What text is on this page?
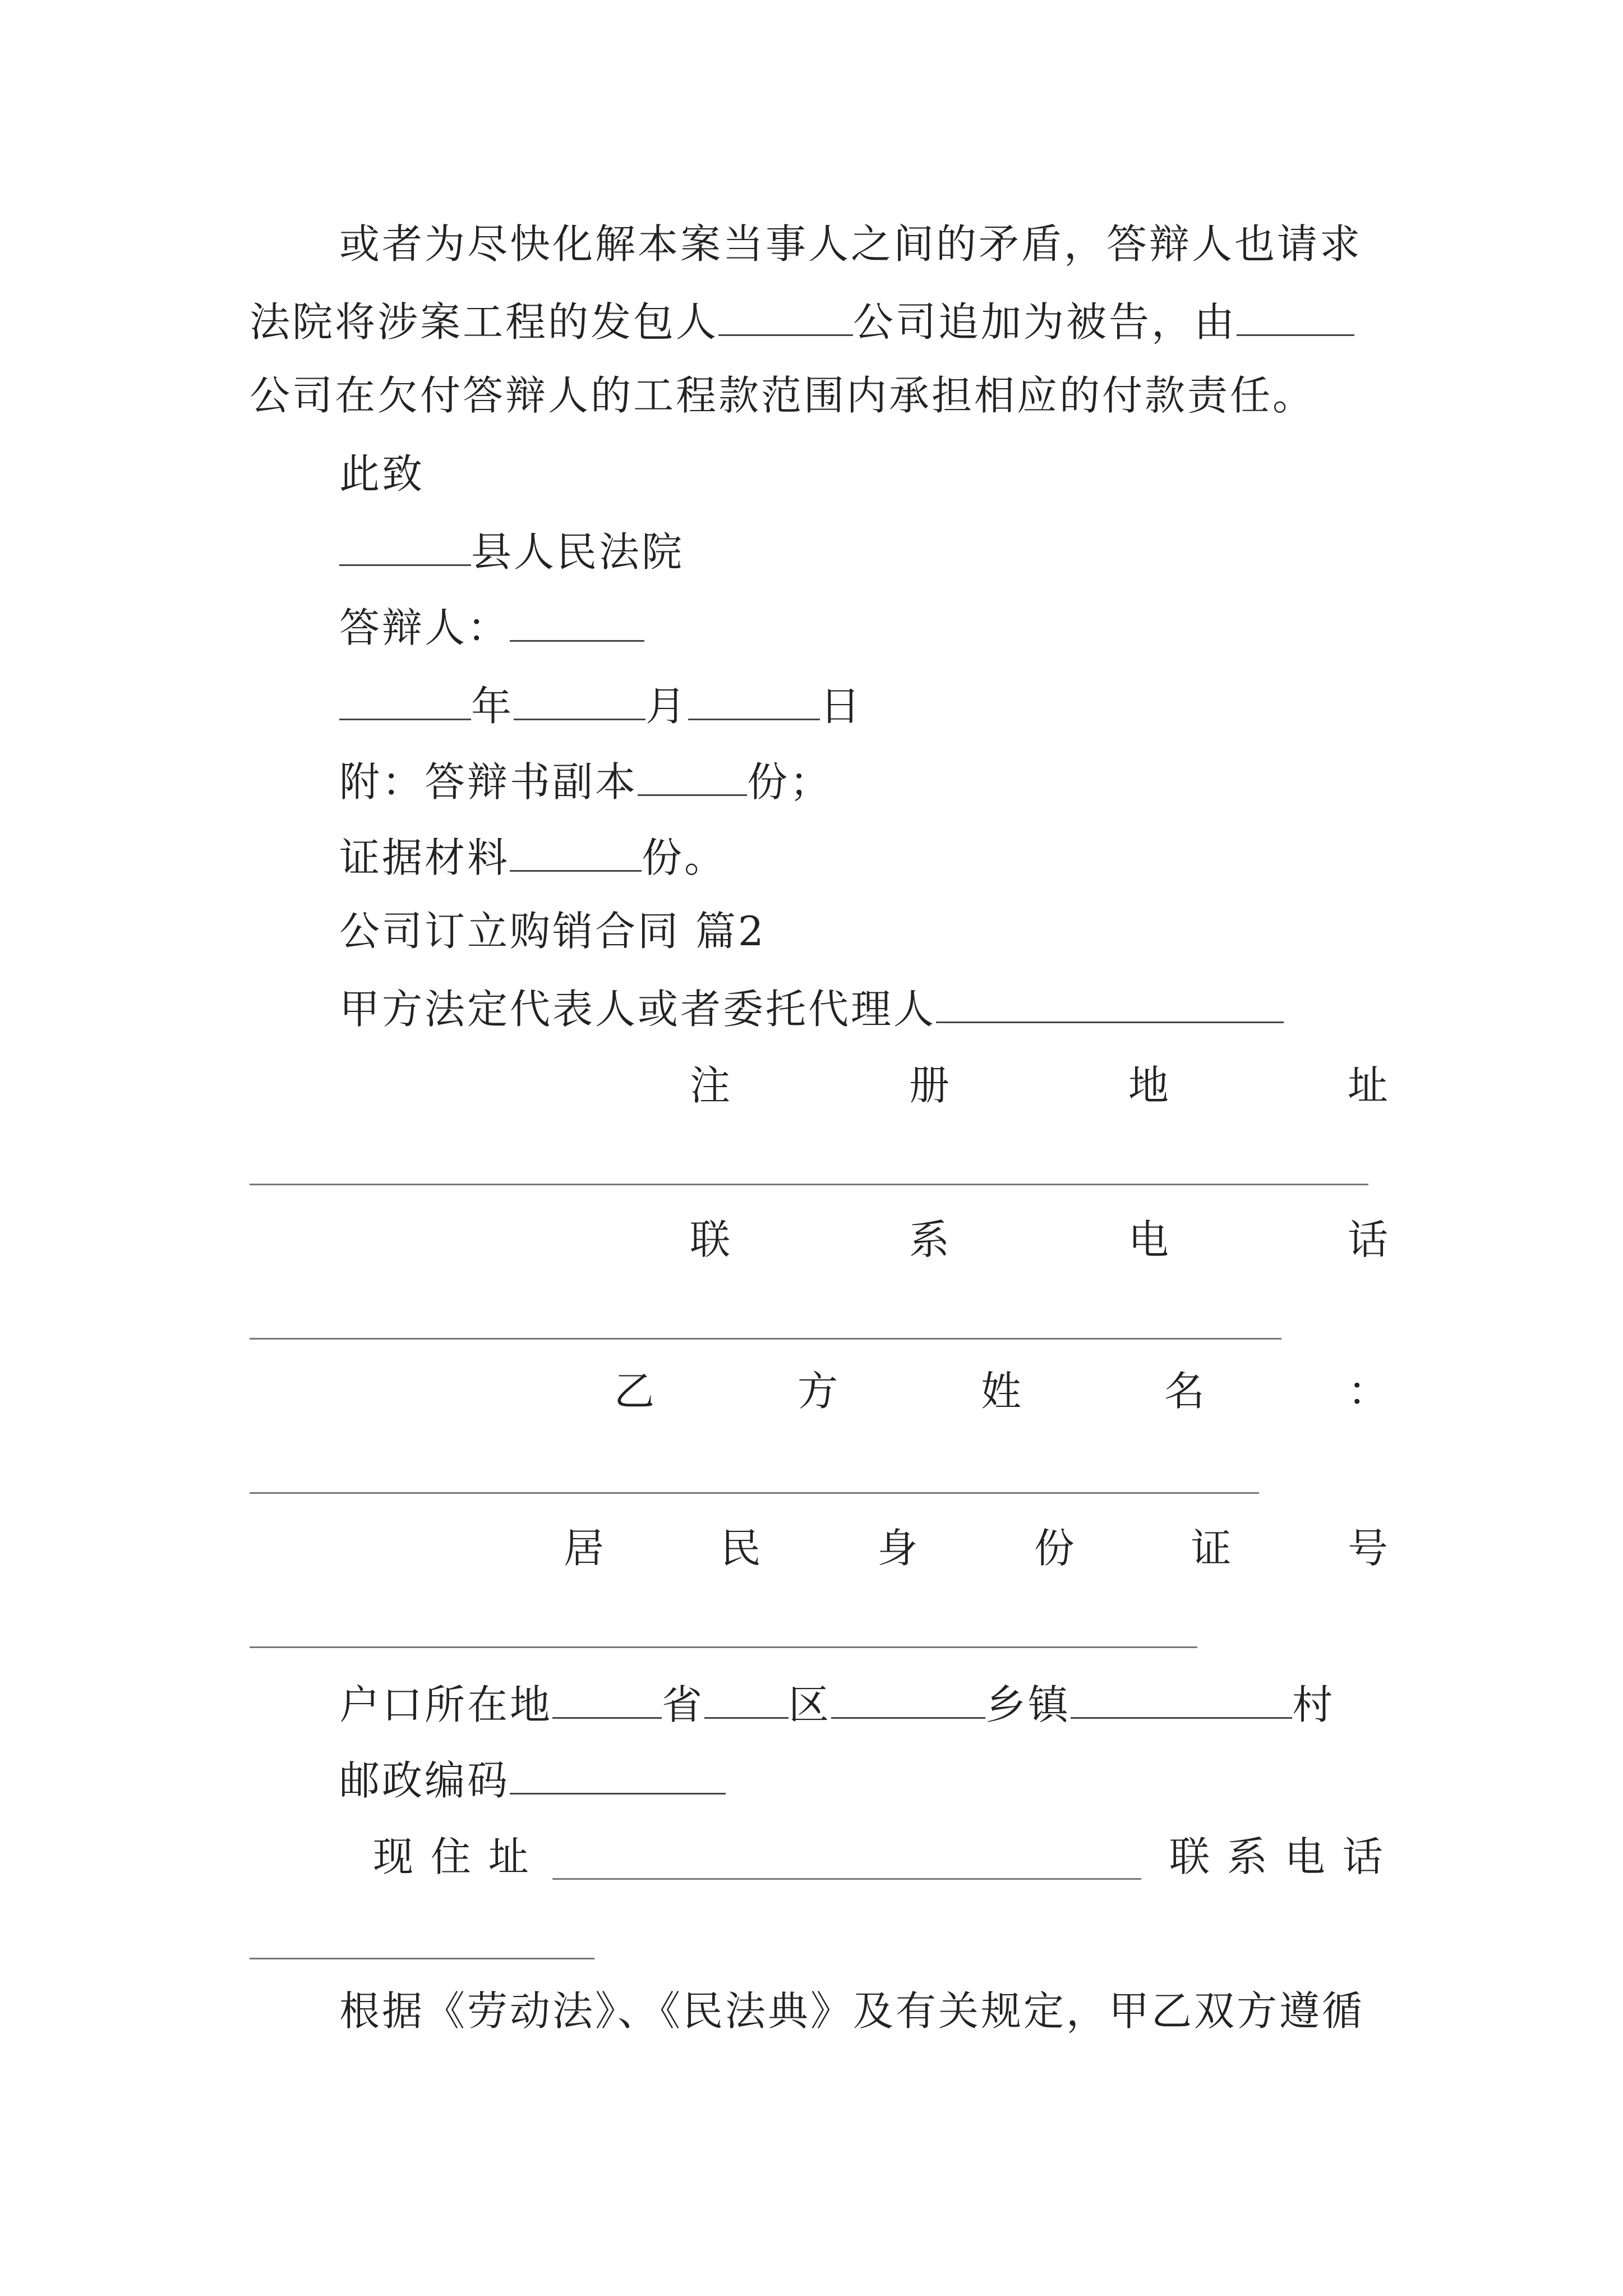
或者为尽快化解本案当事人之间的矛盾，答辩人也请求
法院将涉案工程的发包人	公司追加为被告，由
公司在欠付答辩人的工程款范围内承担相应的付款责任。
此致
县人民法院
答辩人：
年	月	日
附：答辩书副本	份；
证据材料	份。
公司订立购销合同 篇2
甲方法定代表人或者委托代理人
注	册	地	址
联	系	电	话
乙	方	姓	名	：
居	民	身	份	证	号
户口所在地	省 区	乡镇	村
邮政编码
现 住 址	联 系 电 话
根据《劳动法》、《民法典》及有关规定，甲乙双方遵循
